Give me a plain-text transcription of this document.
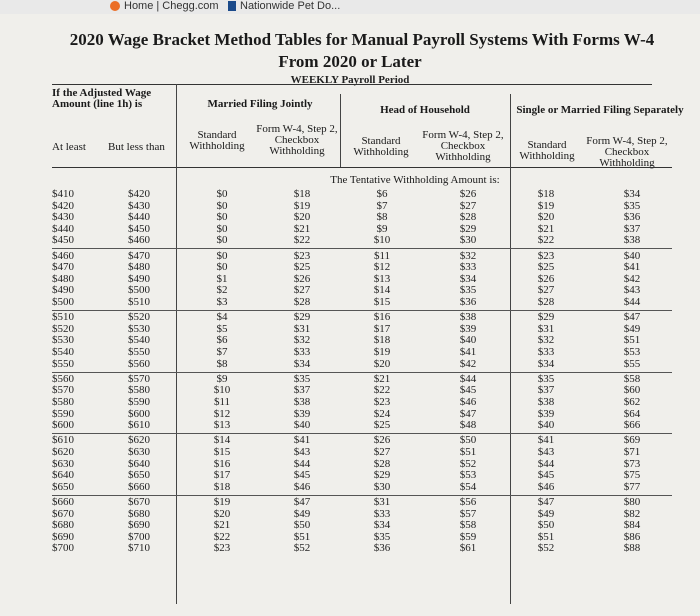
Home | Chegg.com Nationwide Pet Do...
2020 Wage Bracket Method Tables for Manual Payroll Systems With Forms W-4
From 2020 or Later
WEEKLY Payroll Period
If the Adjusted Wage Amount (line 1h) is	Married Filing Jointly	Head of Household	Single or Married Filing Separately
At least	But less than
Standard Withholding
Form W-4, Step 2, Checkbox Withholding
Standard Withholding
Form W-4, Step 2, Checkbox Withholding
Standard Withholding
Form W-4, Step 2, Checkbox Withholding
The Tentative Withholding Amount is:
$410	$420	$0	$18	$6	$26	$18	$34
$420	$430	$0	$19	$7	$27	$19	$35
$430	$440	$0	$20	$8	$28	$20	$36
$440	$450	$0	$21	$9	$29	$21	$37
$450	$460	$0	$22	$10	$30	$22	$38
$460	$470	$0	$23	$11	$32	$23	$40
$470	$480	$0	$25	$12	$33	$25	$41
$480	$490	$1	$26	$13	$34	$26	$42
$490	$500	$2	$27	$14	$35	$27	$43
$500	$510	$3	$28	$15	$36	$28	$44
$510	$520	$4	$29	$16	$38	$29	$47
$520	$530	$5	$31	$17	$39	$31	$49
$530	$540	$6	$32	$18	$40	$32	$51
$540	$550	$7	$33	$19	$41	$33	$53
$550	$560	$8	$34	$20	$42	$34	$55
$560	$570	$9	$35	$21	$44	$35	$58
$570	$580	$10	$37	$22	$45	$37	$60
$580	$590	$11	$38	$23	$46	$38	$62
$590	$600	$12	$39	$24	$47	$39	$64
$600	$610	$13	$40	$25	$48	$40	$66
$610	$620	$14	$41	$26	$50	$41	$69
$620	$630	$15	$43	$27	$51	$43	$71
$630	$640	$16	$44	$28	$52	$44	$73
$640	$650	$17	$45	$29	$53	$45	$75
$650	$660	$18	$46	$30	$54	$46	$77
$660	$670	$19	$47	$31	$56	$47	$80
$670	$680	$20	$49	$33	$57	$49	$82
$680	$690	$21	$50	$34	$58	$50	$84
$690	$700	$22	$51	$35	$59	$51	$86
$700	$710	$23	$52	$36	$61	$52	$88
